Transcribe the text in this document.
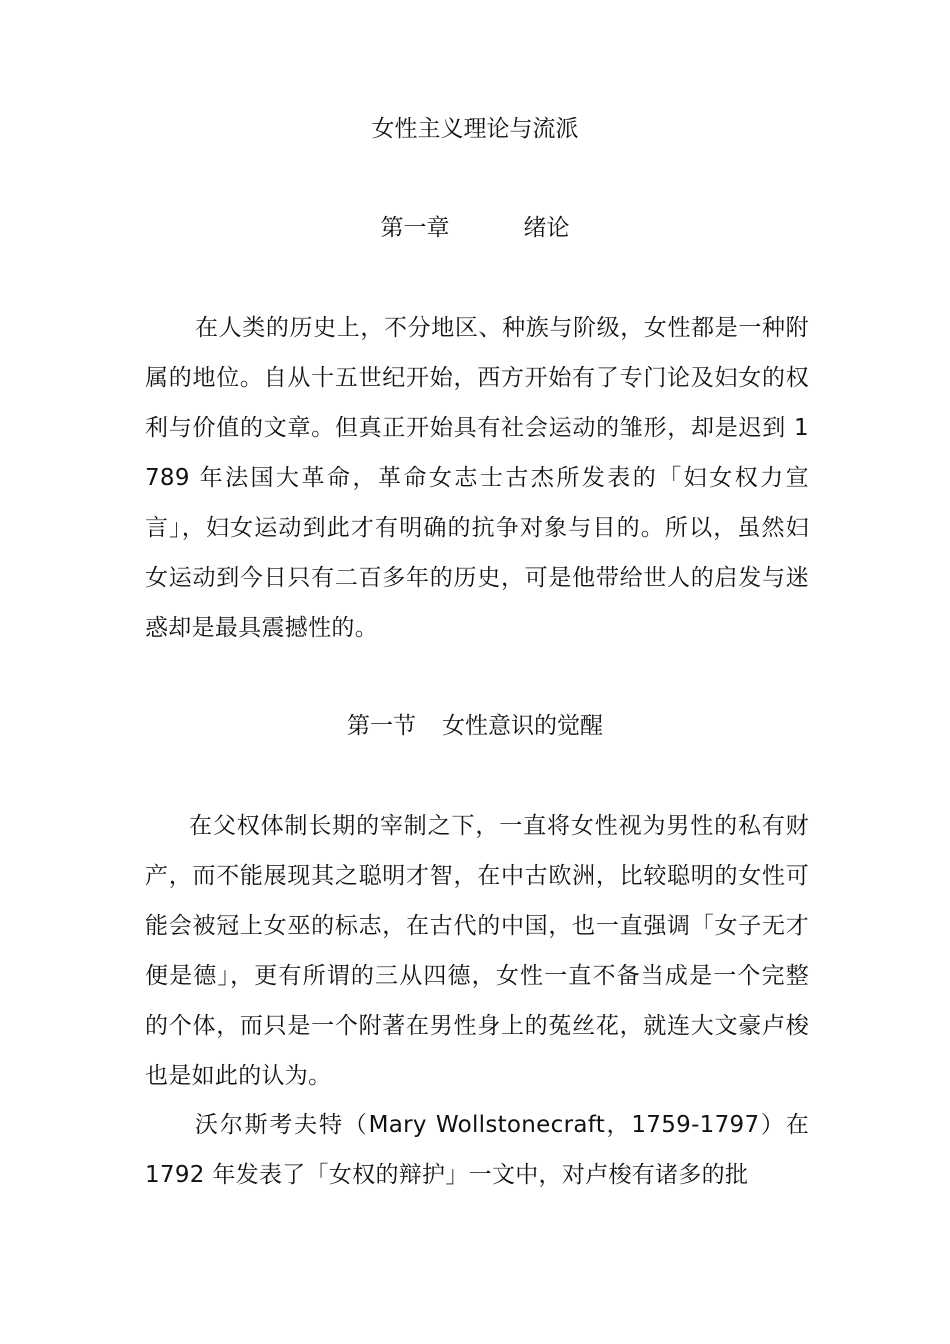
女性主义理论与流派
第一章	绪论

在人类的历史上，不分地区、种族与阶级，女性都是一种附属的地位。自从十五世纪开始，西方开始有了专门论及妇女的权利与价值的文章。但真正开始具有社会运动的雏形，却是迟到 1789 年法国大革命，革命女志士古杰所发表的「妇女权力宣言」，妇女运动到此才有明确的抗争对象与目的。所以，虽然妇女运动到今日只有二百多年的历史，可是他带给世人的启发与迷惑却是最具震撼性的。

第一节 女性意识的觉醒

在父权体制长期的宰制之下，一直将女性视为男性的私有财产，而不能展现其之聪明才智，在中古欧洲，比较聪明的女性可能会被冠上女巫的标志，在古代的中国，也一直强调「女子无才便是德」，更有所谓的三从四德，女性一直不备当成是一个完整的个体，而只是一个附著在男性身上的菟丝花，就连大文豪卢梭也是如此的认为。

沃尔斯考夫特（Mary Wollstonecraft，1759-1797）在 1792 年发表了「女权的辩护」一文中，对卢梭有诸多的批
